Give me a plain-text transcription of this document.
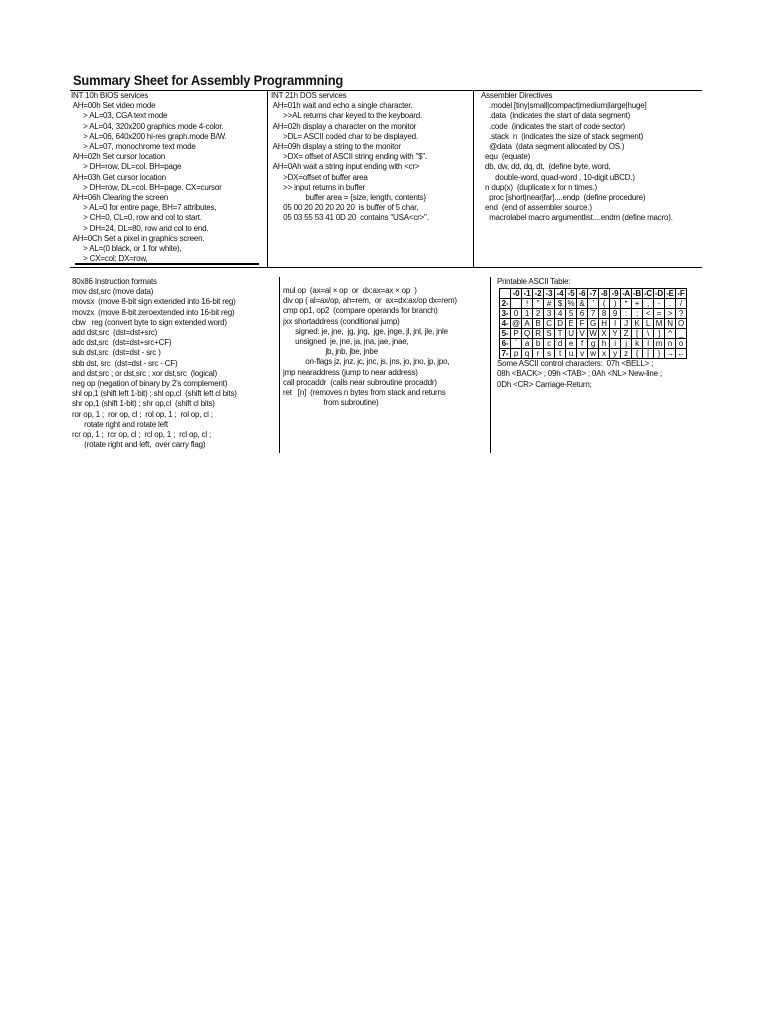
Summary Sheet for Assembly Programmning
INT 10h BIOS services
AH=00h Set video mode
> AL=03, CGA text mode
> AL=04, 320x200 graphics mode 4-color.
> AL=06, 640x200 hi-res graph.mode B/W.
> AL=07, monochrome text mode
AH=02h Set cursor location
> DH=row, DL=col. BH=page
AH=03h Get cursor location
> DH=row, DL=col. BH=page. CX=cursor
AH=06h Clearing the screen
> AL=0 for entire page, BH=7 attributes,
> CH=0, CL=0, row and col to start.
> DH=24, DL=80, row and col to end.
AH=0Ch Set a pixel in graphics screen.
> AL=(0 black, or 1 for white),
> CX=col; DX=row,
INT 21h DOS services
AH=01h wait and echo a single character.
>>AL returns char keyed to the keyboard.
AH=02h display a character on the monitor
>DL= ASCII coded char to be displayed.
AH=09h display a string to the monitor
>DX= offset of ASCII string ending with "$".
AH=0Ah wait a string input ending with <cr>
>DX=offset of buffer area
>> input returns in buffer
buffer area = {size, length, contents}
05 00 20 20 20 20 20  is buffer of 5 char,
05 03 55 53 41 0D 20  contains "USA<cr>".
Assembler Directives
.model [tiny|small|compact|medium|large|huge]
.data  (indicates the start of data segment)
.code  (indicates the start of code sector)
.stack  n  (indicates the size of stack segment)
@data  (data segment allocated by OS.)
equ  (equate)
db, dw, dd, dq, dt,  (define byte, word,
double-word, quad-word , 10-digit uBCD.)
n dup(x)  (duplicate x for n times.)
proc [short|near|far]....endp  (define procedure)
end  (end of assembler source.)
macrolabel macro argumentlist....endm (define macro).
80x86 Instruction formats
mov dst,src (move data)
movsx  (move 8-bit sign extended into 16-bit reg)
movzx  (move 8-bit zeroextended into 16-bit reg)
cbw   reg (convert byte to sign extended word)
add dst,src  (dst=dst+src)
adc dst,src  (dst=dst+src+CF)
sub dst,src  (dst=dst - src )
sbb dst, src  (dst=dst - src - CF)
and dst,src ; or dst,src ; xor dst,src  (logical)
neg op (negation of binary by 2's complement)
shl op,1 (shift left 1-bit) ; shl op,cl  (shift left cl bits)
shr op,1 (shift 1-bit) ; shr op,cl  (shift cl bits)
ror op, 1 ;  ror op, cl ;  rol op, 1 ;  rol op, cl ;
rotate right and rotate left
rcr op, 1 ;  rcr op, cl ;  rcl op, 1 ;  rcl op, cl ;
(rotate right and left,  over carry flag)
mul op  (ax=al × op  or  dx:ax=ax × op  )
div op ( al=ax/op, ah=rem,  or  ax=dx:ax/op dx=rem)
cmp op1, op2  (compare operands for branch)
jxx shortaddress (conditional jump)
signed: je, jne,  jg, jng,  jge, jnge, jl, jnl, jle, jnle
unsigned  je, jne, ja, jna, jae, jnae,
jb, jnb, jbe, jnbe
on-flags jz, jnz, jc, jnc, js, jns, jo, jno, jp, jpo,
jmp nearaddress (jump to near address)
call procaddr  (calls near subroutine procaddr)
ret   [n]  (removes n bytes from stack and returns
from subroutine)
Printable ASCII Table:
	-0	-1	-2	-3	-4	-5	-6	-7	-8	-9	-A	-B	-C	-D	-E	-F
2-		!	"	#	$	%	&	'	(	)	*	+	,	-	.	/
3-	0	1	2	3	4	5	6	7	8	9	:	;	<	=	>	?
4-	@	A	B	C	D	E	F	G	H	I	J	K	L	M	N	O
5-	P	Q	R	S	T	U	V	W	X	Y	Z	[	\	]	^	_
6-	`	a	b	c	d	e	f	g	h	i	j	k	l	m	n	o
7-	p	q	r	s	t	u	v	w	x	y	z	{	|	}	→	←
Some ASCII control characters:  07h <BELL> ;
08h <BACK> ; 09h <TAB> ; 0Ah <NL> New-line ;
0Dh <CR> Carriage-Return;
